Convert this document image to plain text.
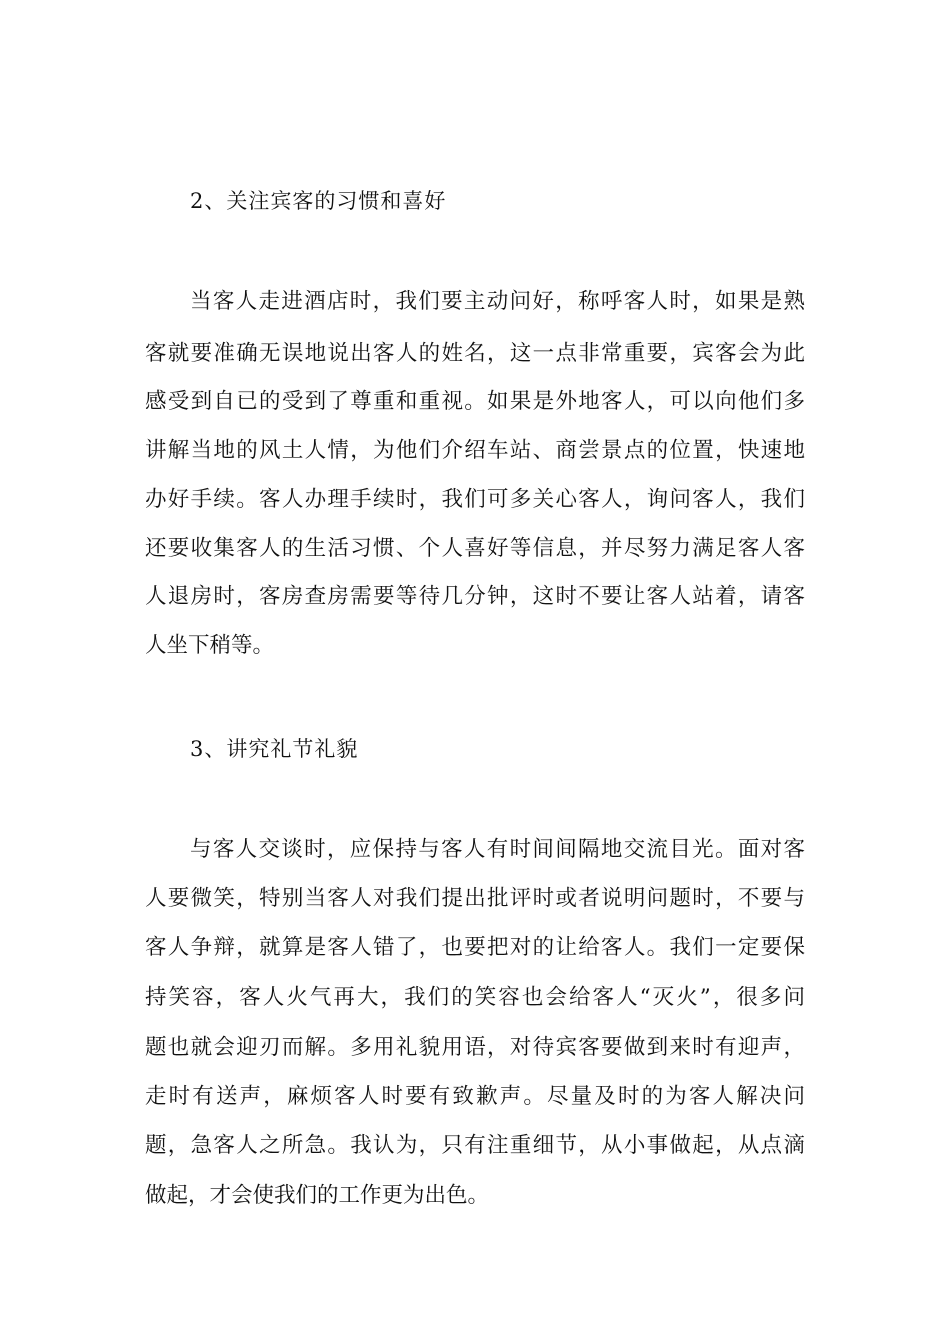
2、关注宾客的习惯和喜好
当客人走进酒店时，我们要主动问好，称呼客人时，如果是熟
客就要准确无误地说出客人的姓名，这一点非常重要，宾客会为此
感受到自已的受到了尊重和重视。如果是外地客人，可以向他们多
讲解当地的风土人情，为他们介绍车站、商尝景点的位置，快速地
办好手续。客人办理手续时，我们可多关心客人，询问客人，我们
还要收集客人的生活习惯、个人喜好等信息，并尽努力满足客人客
人退房时，客房查房需要等待几分钟，这时不要让客人站着，请客
人坐下稍等。
3、讲究礼节礼貌
与客人交谈时，应保持与客人有时间间隔地交流目光。面对客
人要微笑，特别当客人对我们提出批评时或者说明问题时，不要与
客人争辩，就算是客人错了，也要把对的让给客人。我们一定要保
持笑容，客人火气再大，我们的笑容也会给客人“灭火”，很多问
题也就会迎刃而解。多用礼貌用语，对待宾客要做到来时有迎声，
走时有送声，麻烦客人时要有致歉声。尽量及时的为客人解决问
题，急客人之所急。我认为，只有注重细节，从小事做起，从点滴
做起，才会使我们的工作更为出色。
